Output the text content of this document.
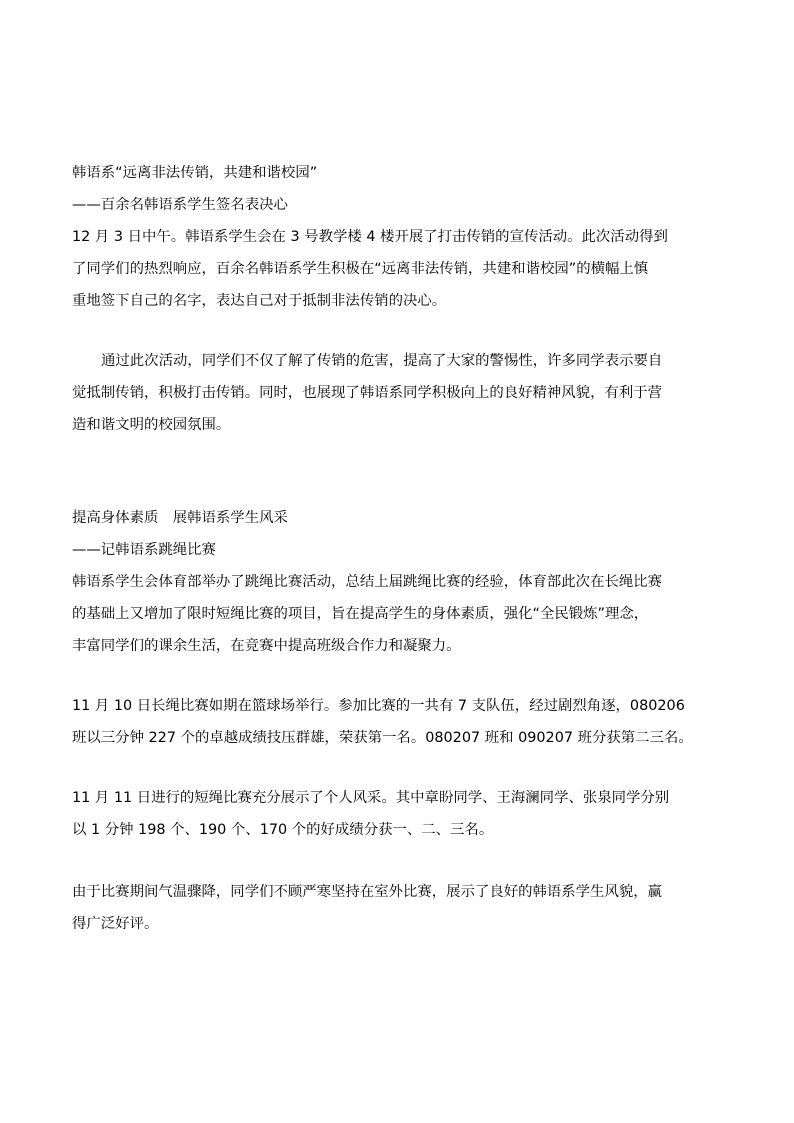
韩语系“远离非法传销，共建和谐校园”
——百余名韩语系学生签名表决心
12 月 3 日中午。韩语系学生会在 3 号教学楼 4 楼开展了打击传销的宣传活动。此次活动得到
了同学们的热烈响应，百余名韩语系学生积极在“远离非法传销，共建和谐校园”的横幅上慎
重地签下自己的名字，表达自己对于抵制非法传销的决心。
通过此次活动，同学们不仅了解了传销的危害，提高了大家的警惕性，许多同学表示要自
觉抵制传销，积极打击传销。同时，也展现了韩语系同学积极向上的良好精神风貌，有利于营
造和谐文明的校园氛围。
提高身体素质　展韩语系学生风采
——记韩语系跳绳比赛
韩语系学生会体育部举办了跳绳比赛活动，总结上届跳绳比赛的经验，体育部此次在长绳比赛
的基础上又增加了限时短绳比赛的项目，旨在提高学生的身体素质，强化“全民锻炼”理念，
丰富同学们的课余生活，在竞赛中提高班级合作力和凝聚力。
11 月 10 日长绳比赛如期在篮球场举行。参加比赛的一共有 7 支队伍，经过剧烈角逐，080206
班以三分钟 227 个的卓越成绩技压群雄，荣获第一名。080207 班和 090207 班分获第二三名。
11 月 11 日进行的短绳比赛充分展示了个人风采。其中章盼同学、王海澜同学、张泉同学分别
以 1 分钟 198 个、190 个、170 个的好成绩分获一、二、三名。
由于比赛期间气温骤降，同学们不顾严寒坚持在室外比赛，展示了良好的韩语系学生风貌，赢
得广泛好评。
